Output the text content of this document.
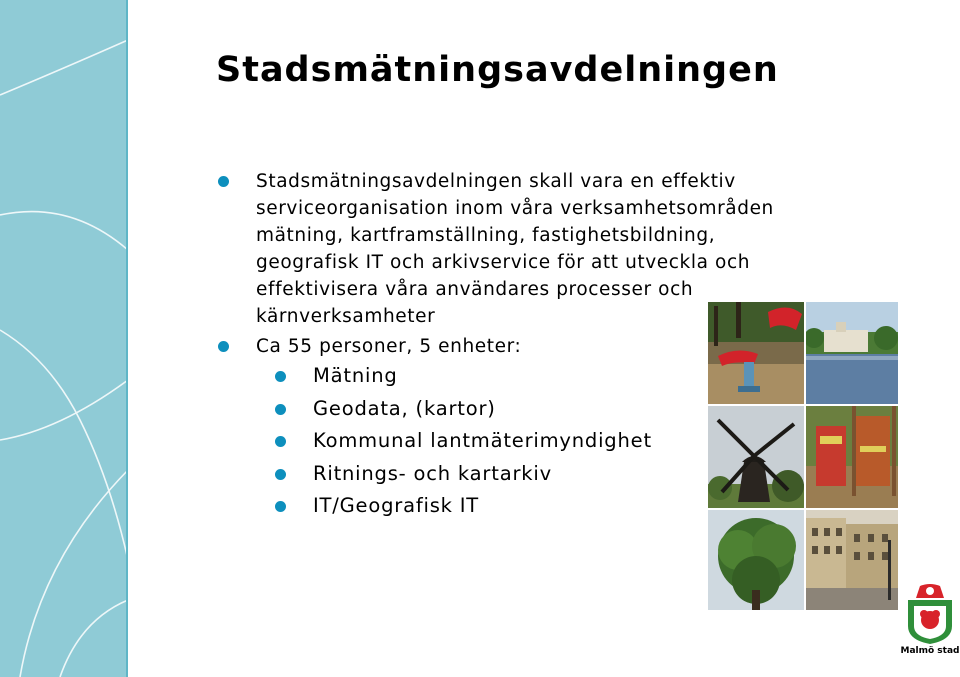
Stadsmätningsavdelningen
Stadsmätningsavdelningen skall vara en effektiv
serviceorganisation inom våra verksamhetsområden
mätning, kartframställning, fastighetsbildning,
geografisk IT och arkivservice för att utveckla och
effektivisera våra användares processer och
kärnverksamheter
Ca 55 personer, 5 enheter:
Mätning
Geodata, (kartor)
Kommunal lantmäterimyndighet
Ritnings- och kartarkiv
IT/Geografisk IT
Malmö stad
